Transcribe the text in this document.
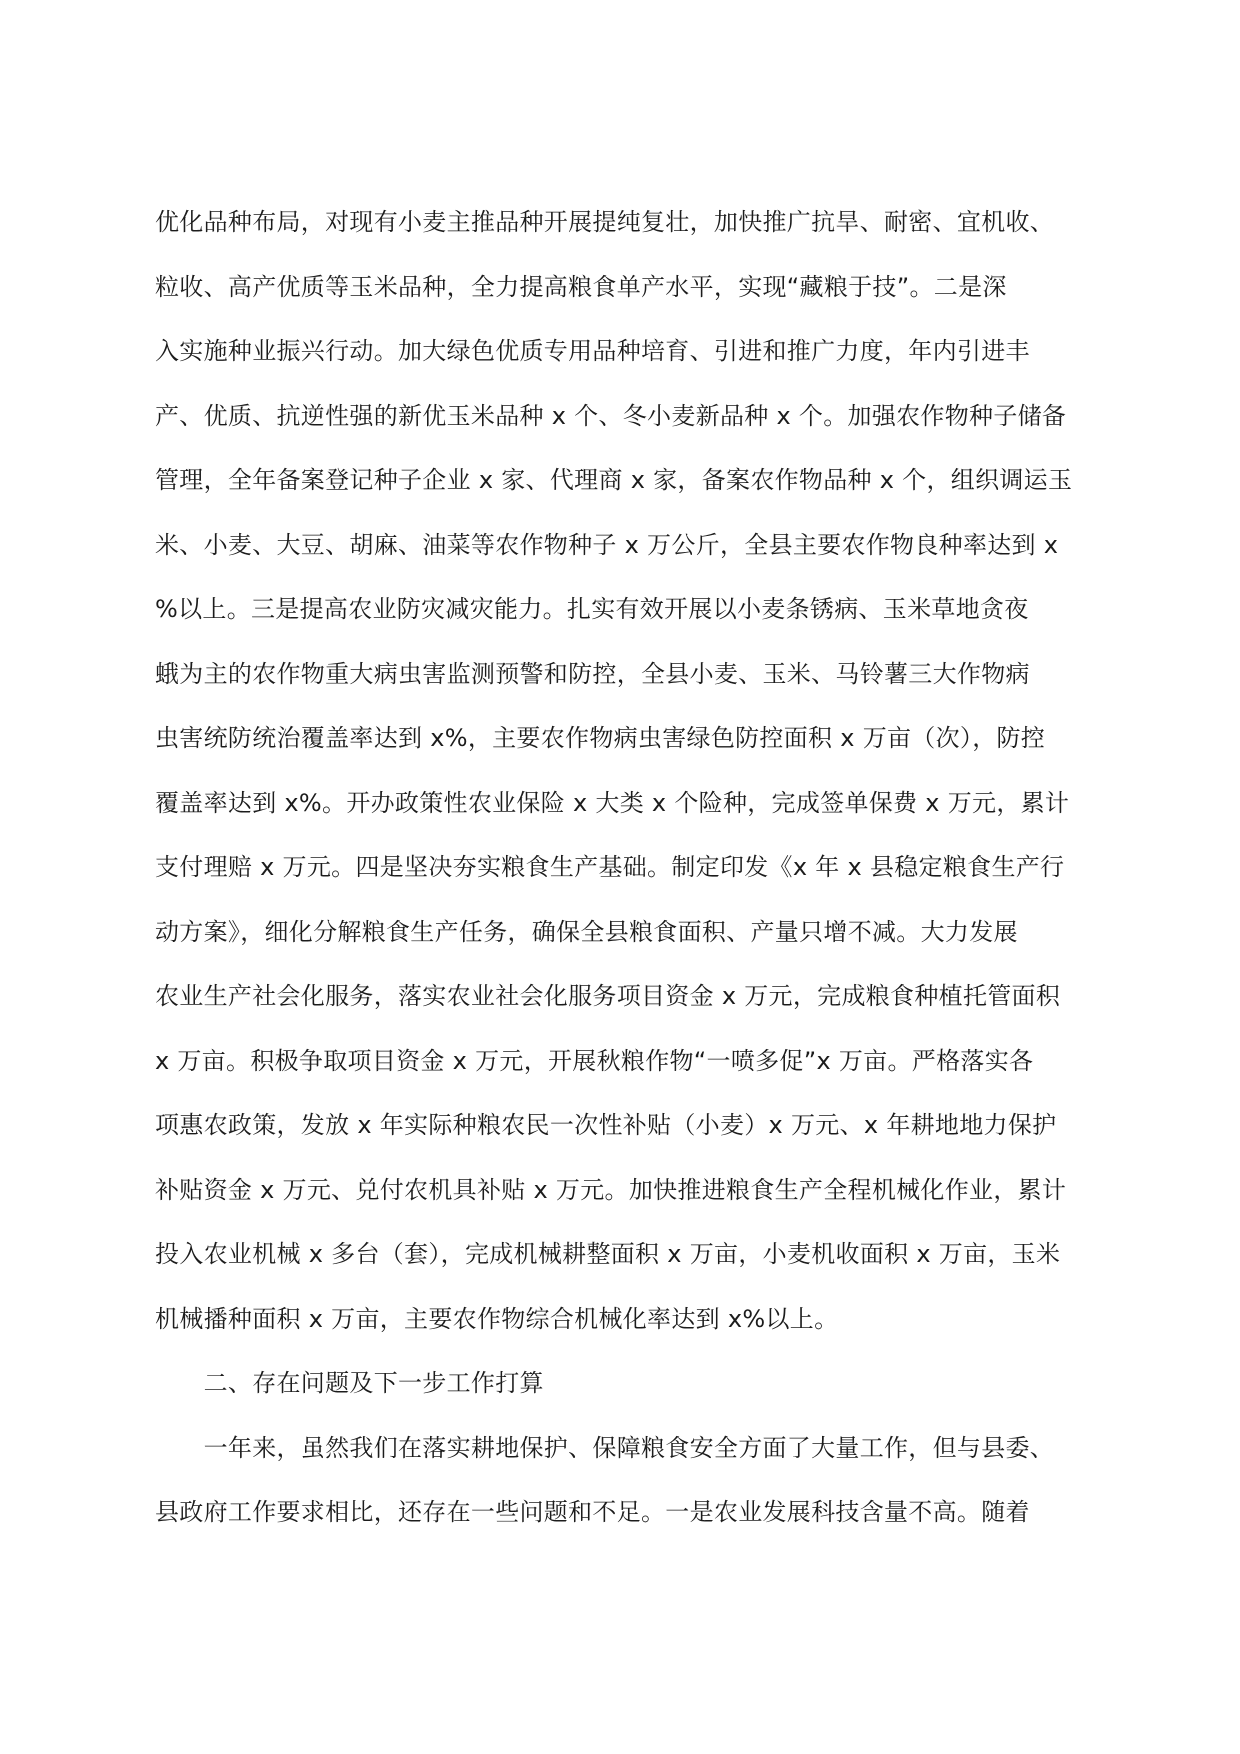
优化品种布局，对现有小麦主推品种开展提纯复壮，加快推广抗旱、耐密、宜机收、
粒收、高产优质等玉米品种，全力提高粮食单产水平，实现“藏粮于技”。二是深
入实施种业振兴行动。加大绿色优质专用品种培育、引进和推广力度，年内引进丰
产、优质、抗逆性强的新优玉米品种 x 个、冬小麦新品种 x 个。加强农作物种子储备
管理，全年备案登记种子企业 x 家、代理商 x 家，备案农作物品种 x 个，组织调运玉
米、小麦、大豆、胡麻、油菜等农作物种子 x 万公斤，全县主要农作物良种率达到 x
%以上。三是提高农业防灾减灾能力。扎实有效开展以小麦条锈病、玉米草地贪夜
蛾为主的农作物重大病虫害监测预警和防控，全县小麦、玉米、马铃薯三大作物病
虫害统防统治覆盖率达到 x%，主要农作物病虫害绿色防控面积 x 万亩（次），防控
覆盖率达到 x%。开办政策性农业保险 x 大类 x 个险种，完成签单保费 x 万元，累计
支付理赔 x 万元。四是坚决夯实粮食生产基础。制定印发《x 年 x 县稳定粮食生产行
动方案》，细化分解粮食生产任务，确保全县粮食面积、产量只增不减。大力发展
农业生产社会化服务，落实农业社会化服务项目资金 x 万元，完成粮食种植托管面积
x 万亩。积极争取项目资金 x 万元，开展秋粮作物“一喷多促”x 万亩。严格落实各
项惠农政策，发放 x 年实际种粮农民一次性补贴（小麦）x 万元、x 年耕地地力保护
补贴资金 x 万元、兑付农机具补贴 x 万元。加快推进粮食生产全程机械化作业，累计
投入农业机械 x 多台（套），完成机械耕整面积 x 万亩，小麦机收面积 x 万亩，玉米
机械播种面积 x 万亩，主要农作物综合机械化率达到 x%以上。
　　二、存在问题及下一步工作打算
　　一年来，虽然我们在落实耕地保护、保障粮食安全方面了大量工作，但与县委、
县政府工作要求相比，还存在一些问题和不足。一是农业发展科技含量不高。随着
